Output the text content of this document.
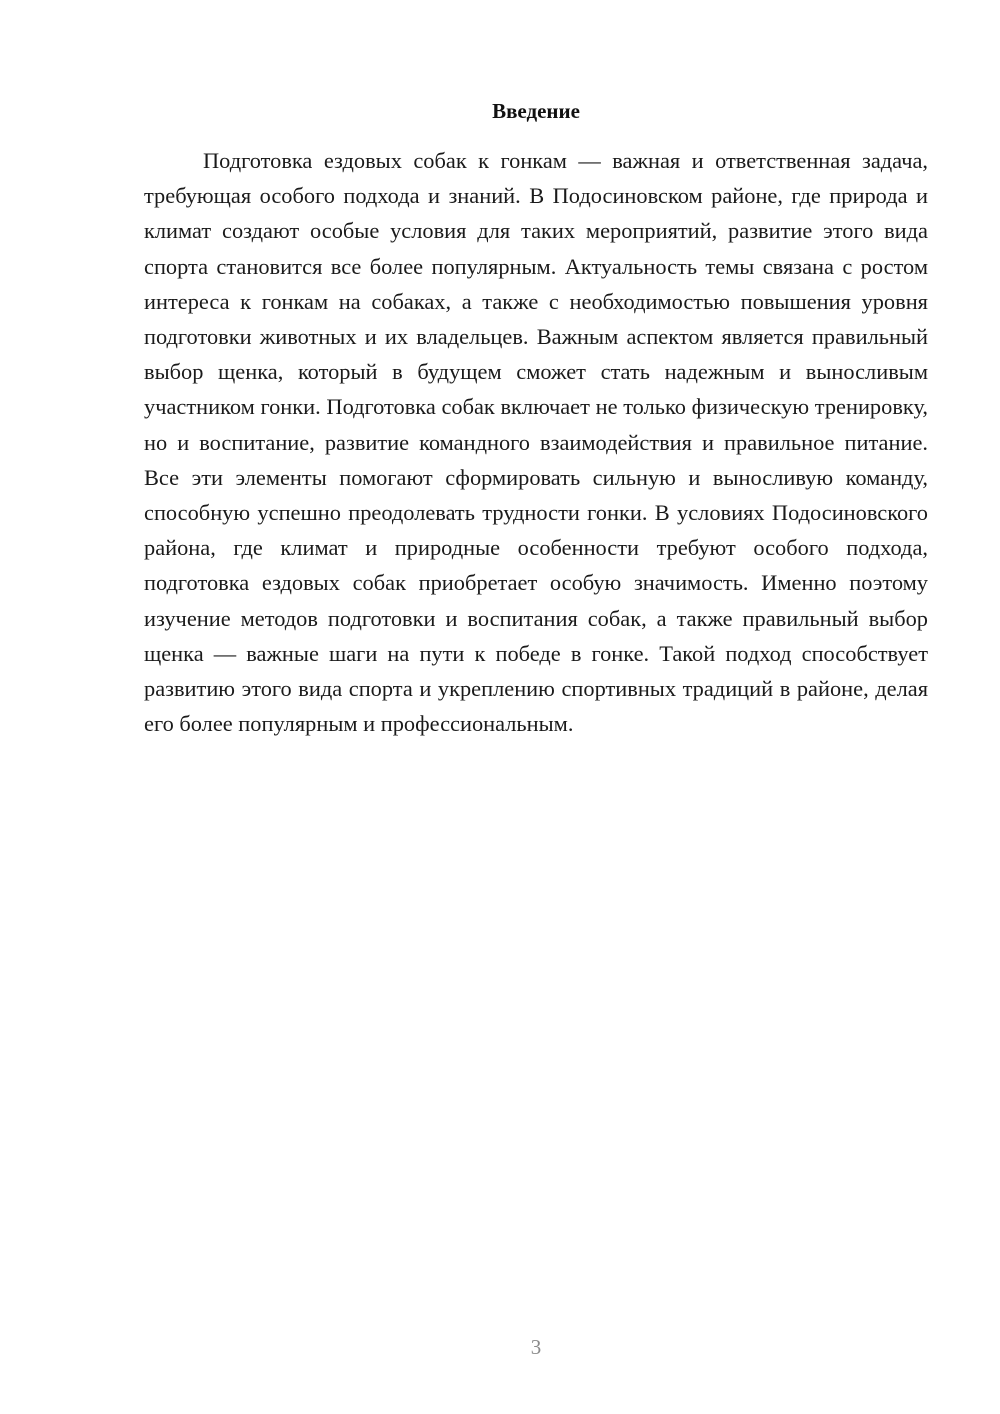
Введение

Подготовка ездовых собак к гонкам — важная и ответственная задача, требующая особого подхода и знаний. В Подосиновском районе, где природа и климат создают особые условия для таких мероприятий, развитие этого вида спорта становится все более популярным. Актуальность темы связана с ростом интереса к гонкам на собаках, а также с необходимостью повышения уровня подготовки животных и их владельцев. Важным аспектом является правильный выбор щенка, который в будущем сможет стать надежным и выносливым участником гонки. Подготовка собак включает не только физическую тренировку, но и воспитание, развитие командного взаимодействия и правильное питание. Все эти элементы помогают сформировать сильную и выносливую команду, способную успешно преодолевать трудности гонки. В условиях Подосиновского района, где климат и природные особенности требуют особого подхода, подготовка ездовых собак приобретает особую значимость. Именно поэтому изучение методов подготовки и воспитания собак, а также правильный выбор щенка — важные шаги на пути к победе в гонке. Такой подход способствует развитию этого вида спорта и укреплению спортивных традиций в районе, делая его более популярным и профессиональным.

3
